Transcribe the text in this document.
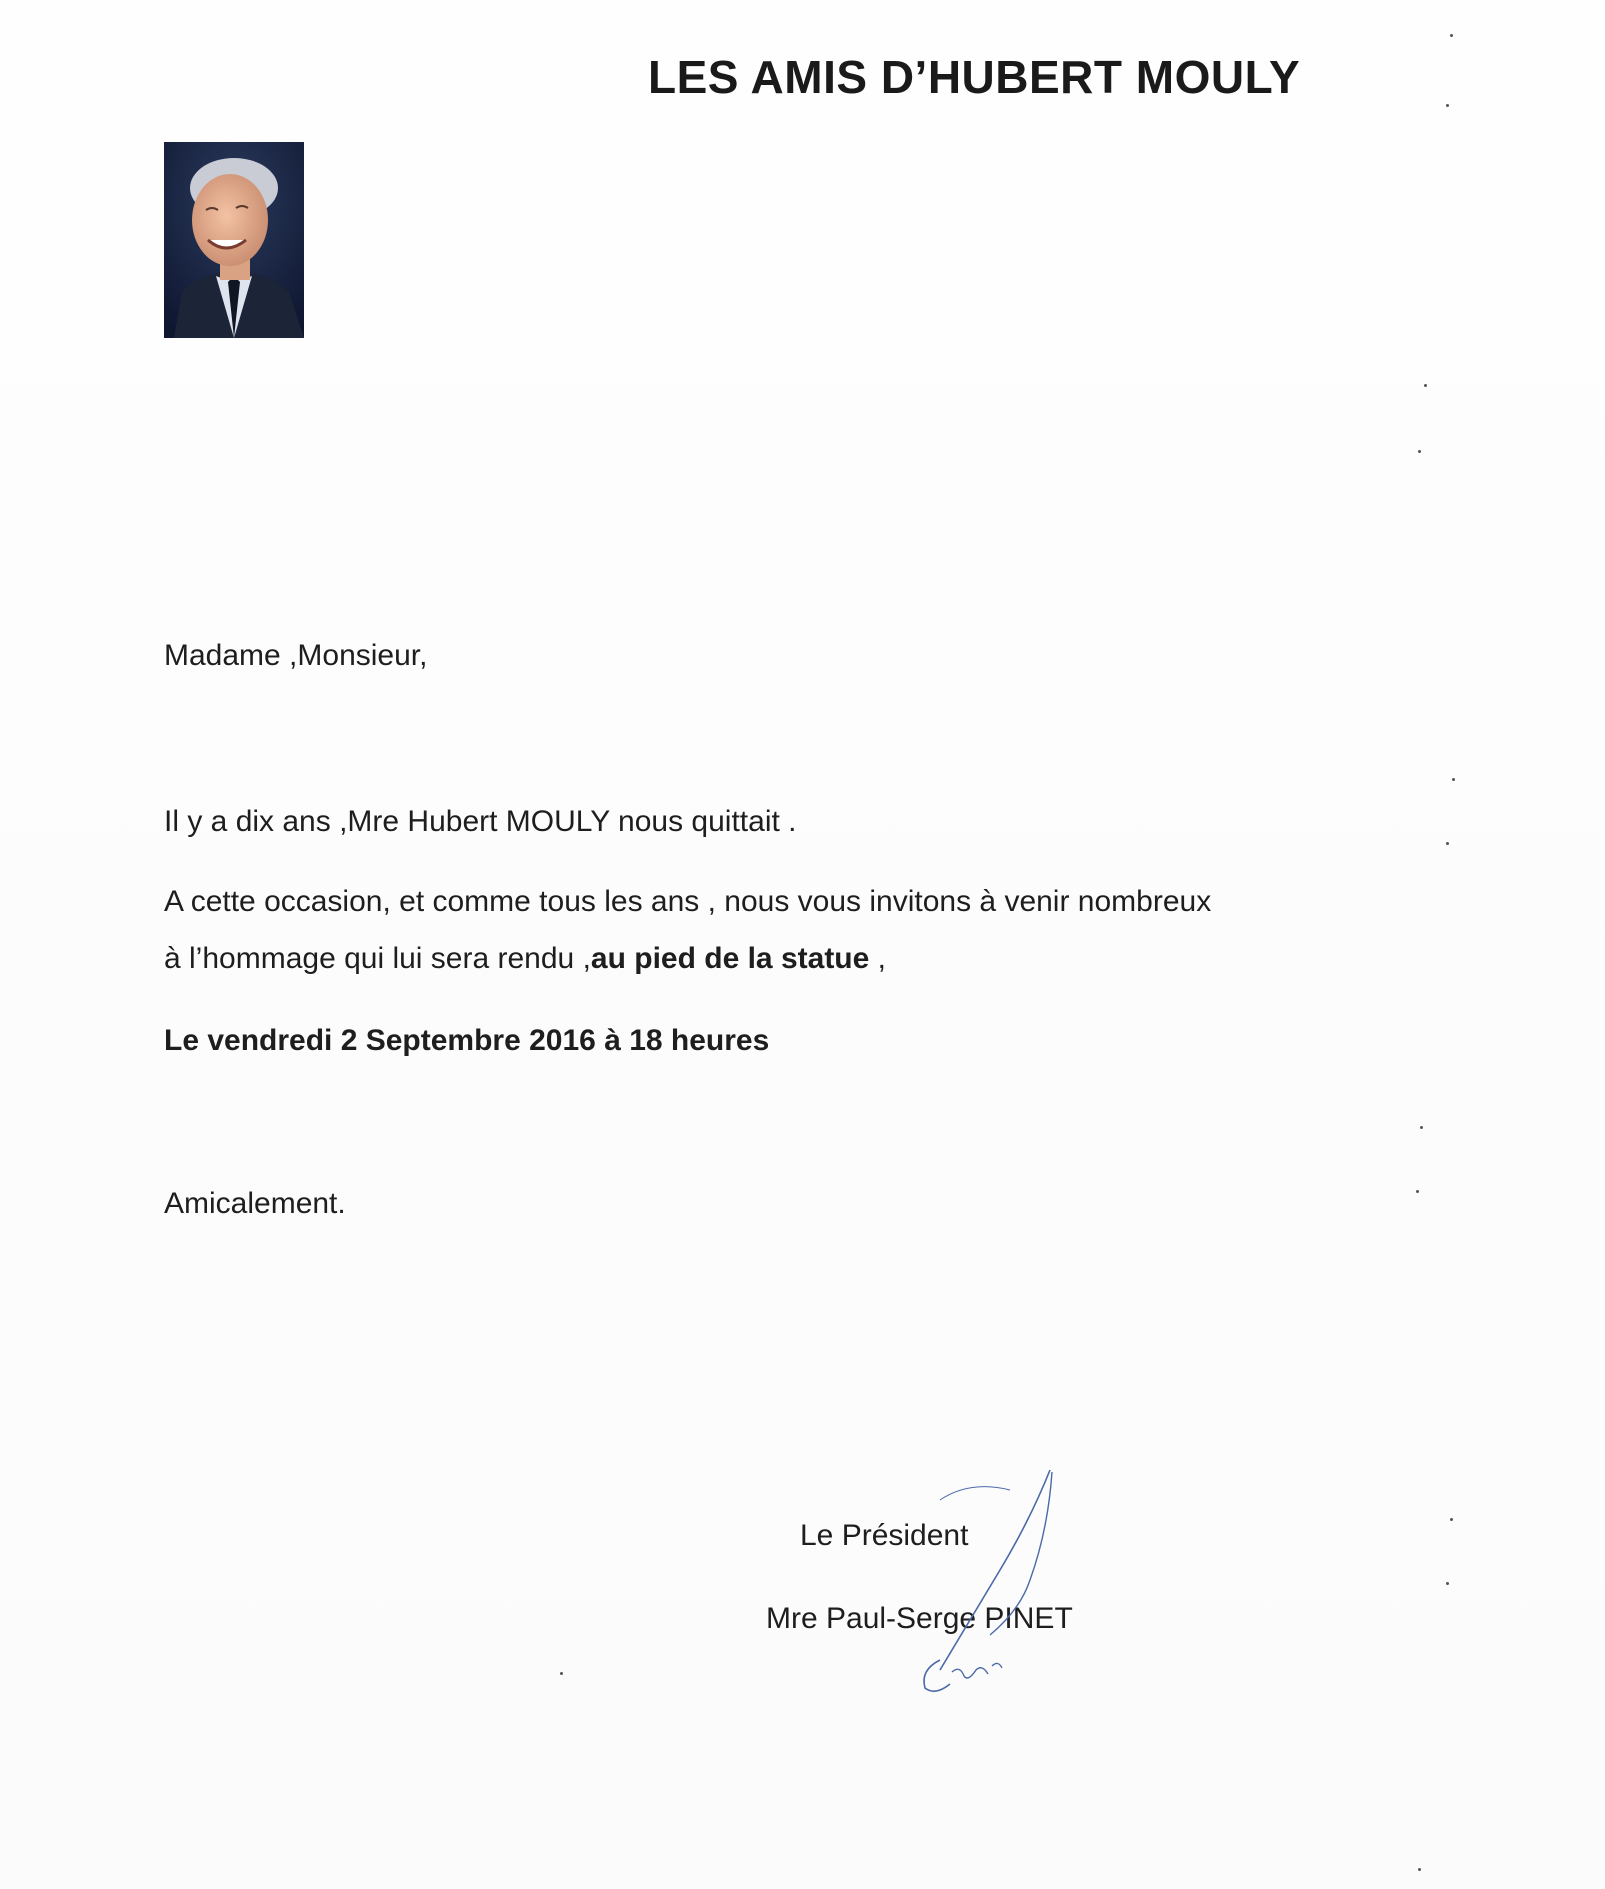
LES AMIS D’HUBERT MOULY
Madame ,Monsieur,
Il y a dix ans ,Mre Hubert MOULY nous quittait .
A cette occasion, et comme tous les ans , nous vous invitons à venir nombreux
à l’hommage qui lui sera rendu ,au pied de la statue ,
Le vendredi 2 Septembre 2016 à 18 heures
Amicalement.
Le Président
Mre Paul-Serge PINET
